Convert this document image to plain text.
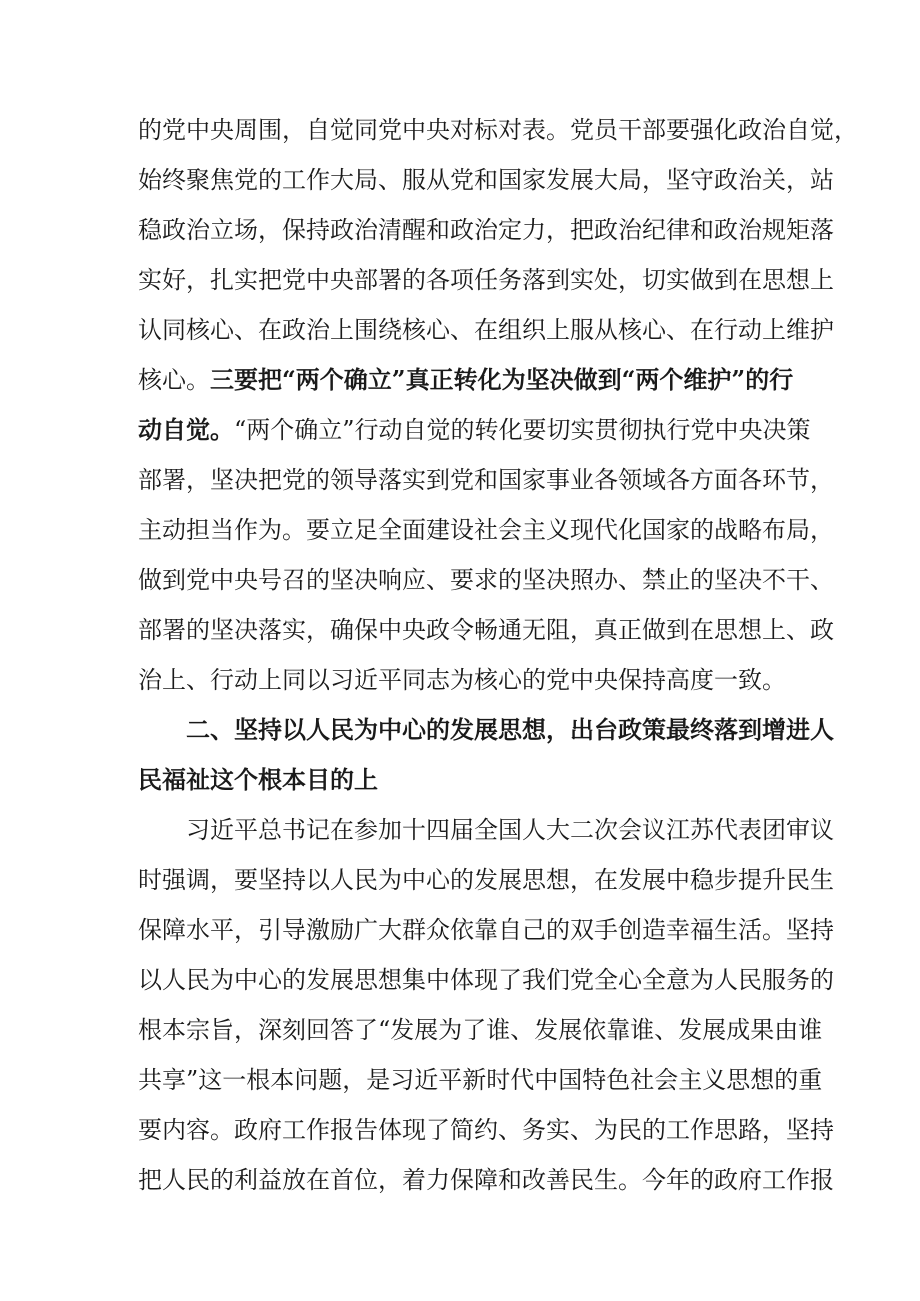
的党中央周围，自觉同党中央对标对表。党员干部要强化政治自觉，
始终聚焦党的工作大局、服从党和国家发展大局，坚守政治关，站
稳政治立场，保持政治清醒和政治定力，把政治纪律和政治规矩落
实好，扎实把党中央部署的各项任务落到实处，切实做到在思想上
认同核心、在政治上围绕核心、在组织上服从核心、在行动上维护
核心。三要把“两个确立”真正转化为坚决做到“两个维护”的行
动自觉。“两个确立”行动自觉的转化要切实贯彻执行党中央决策
部署，坚决把党的领导落实到党和国家事业各领域各方面各环节，
主动担当作为。要立足全面建设社会主义现代化国家的战略布局，
做到党中央号召的坚决响应、要求的坚决照办、禁止的坚决不干、
部署的坚决落实，确保中央政令畅通无阻，真正做到在思想上、政
治上、行动上同以习近平同志为核心的党中央保持高度一致。
二、坚持以人民为中心的发展思想，出台政策最终落到增进人
民福祉这个根本目的上
习近平总书记在参加十四届全国人大二次会议江苏代表团审议
时强调，要坚持以人民为中心的发展思想，在发展中稳步提升民生
保障水平，引导激励广大群众依靠自己的双手创造幸福生活。坚持
以人民为中心的发展思想集中体现了我们党全心全意为人民服务的
根本宗旨，深刻回答了“发展为了谁、发展依靠谁、发展成果由谁
共享”这一根本问题，是习近平新时代中国特色社会主义思想的重
要内容。政府工作报告体现了简约、务实、为民的工作思路，坚持
把人民的利益放在首位，着力保障和改善民生。今年的政府工作报
